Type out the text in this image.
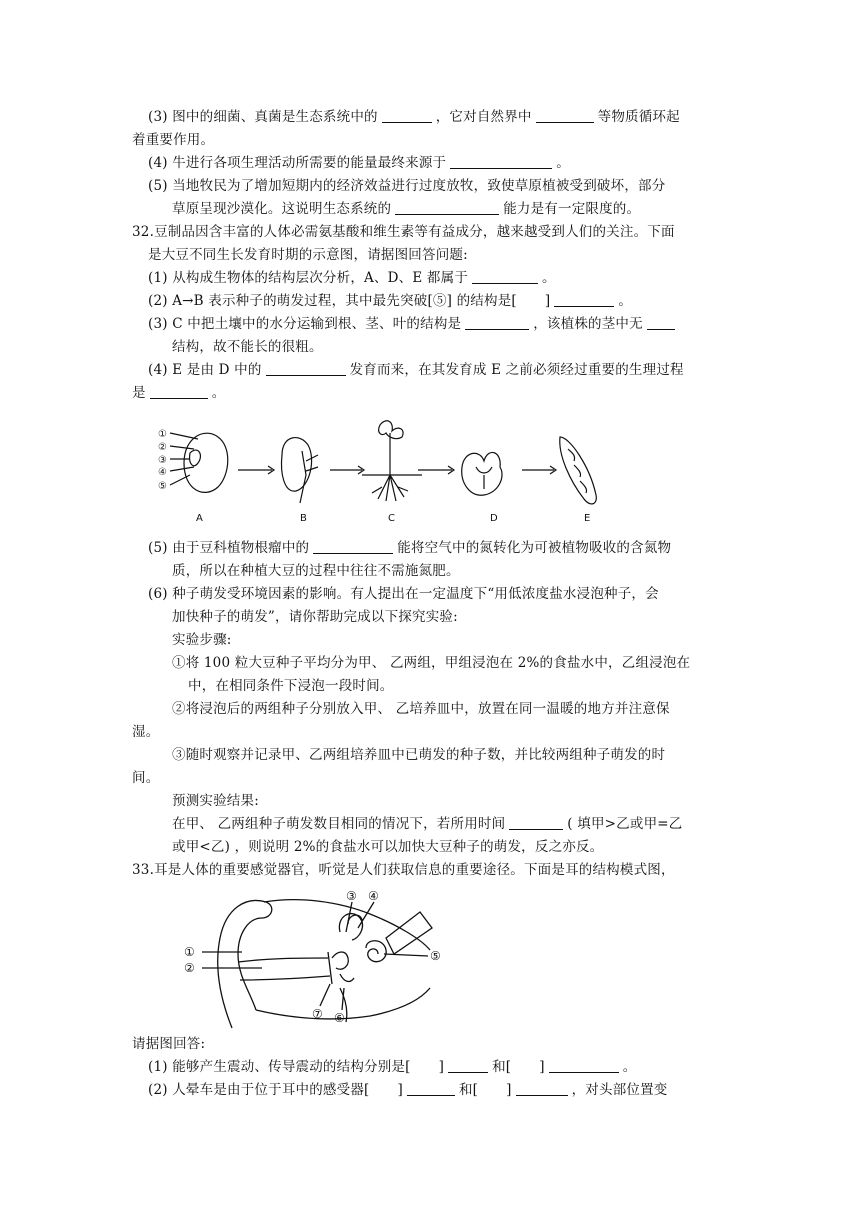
(3) 图中的细菌、真菌是生态系统中的	，它对自然界中	等物质循环起
着重要作用。
(4) 牛进行各项生理活动所需要的能量最终来源于	。
(5) 当地牧民为了增加短期内的经济效益进行过度放牧，致使草原植被受到破坏，部分
草原呈现沙漠化。这说明生态系统的	能力是有一定限度的。
32.豆制品因含丰富的人体必需氨基酸和维生素等有益成分，越来越受到人们的关注。下面
是大豆不同生长发育时期的示意图，请据图回答问题:
(1) 从构成生物体的结构层次分析，A、D、E 都属于	。
(2) A→B 表示种子的萌发过程，其中最先突破[⑤] 的结构是[ ]	。
(3) C 中把土壤中的水分运输到根、茎、叶的结构是	，该植株的茎中无
结构，故不能长的很粗。
(4) E 是由 D 中的	发育而来，在其发育成 E 之前必须经过重要的生理过程
是	。
①
②
③
④
⑤
A	B	C	D	E
(5) 由于豆科植物根瘤中的	能将空气中的氮转化为可被植物吸收的含氮物
质，所以在种植大豆的过程中往往不需施氮肥。
(6) 种子萌发受环境因素的影响。有人提出在一定温度下“用低浓度盐水浸泡种子，会
加快种子的萌发”，请你帮助完成以下探究实验:
实验步骤:
①将 100 粒大豆种子平均分为甲、 乙两组，甲组浸泡在 2%的食盐水中，乙组浸泡在
中，在相同条件下浸泡一段时间。
②将浸泡后的两组种子分别放入甲、 乙培养皿中，放置在同一温暖的地方并注意保
湿。
③随时观察并记录甲、乙两组培养皿中已萌发的种子数，并比较两组种子萌发的时
间。
预测实验结果:
在甲、 乙两组种子萌发数目相同的情况下，若所用时间	( 填甲>乙或甲=乙
或甲<乙) ，则说明 2%的食盐水可以加快大豆种子的萌发，反之亦反。
33.耳是人体的重要感觉器官，听觉是人们获取信息的重要途径。下面是耳的结构模式图，
①
②
③ ④
⑤
⑥
⑦
请据图回答:
(1) 能够产生震动、传导震动的结构分别是[ ]	和[ ]	。
(2) 人晕车是由于位于耳中的感受器[ ]	和[ ]	，对头部位置变
